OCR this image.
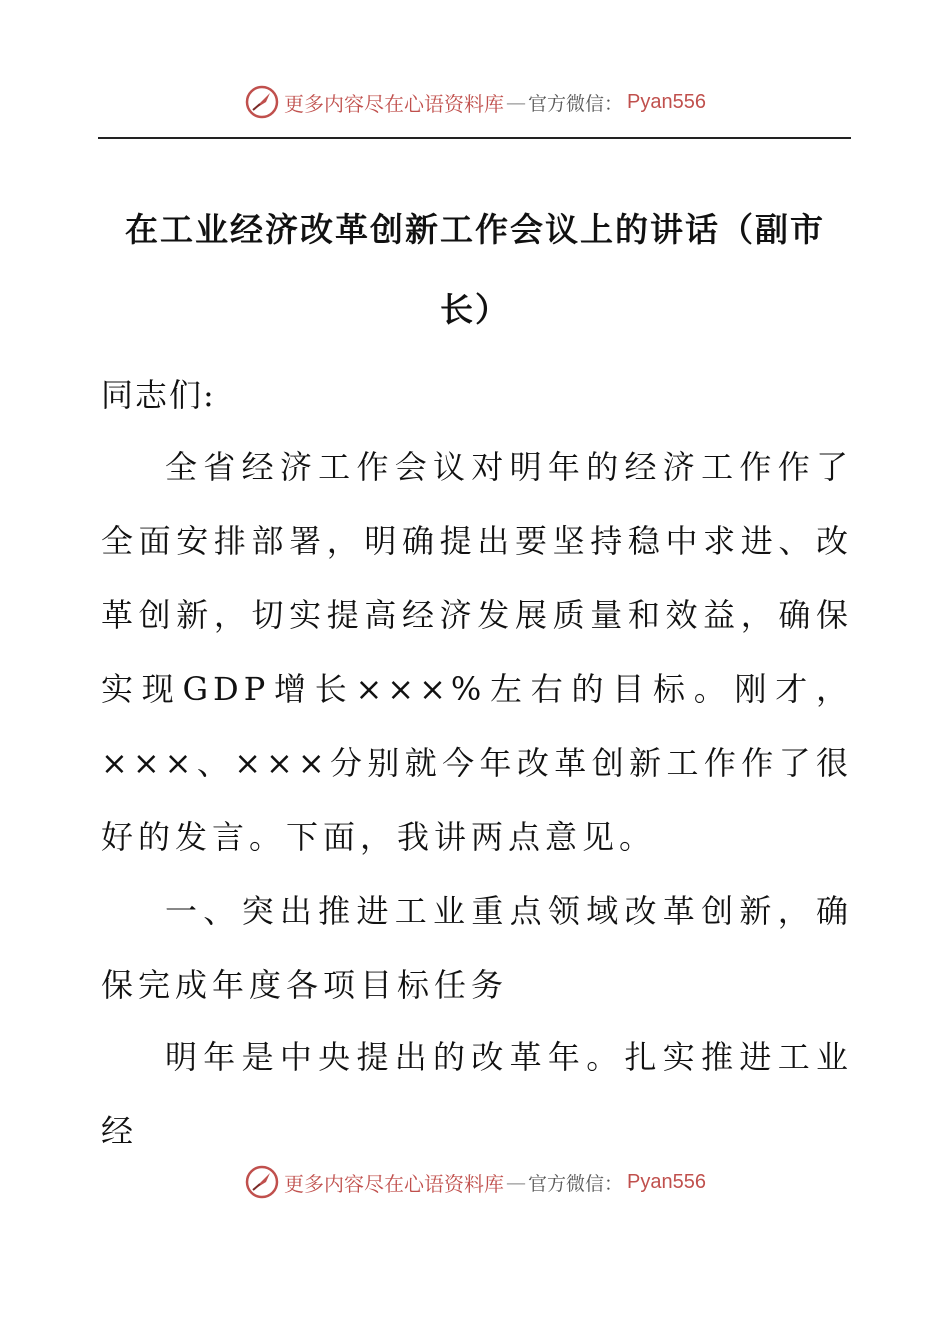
更多内容尽在心语资料库 — 官方微信： Pyan556
在工业经济改革创新工作会议上的讲话（副市长）
同志们:

全省经济工作会议对明年的经济工作作了全面安排部署，明确提出要坚持稳中求进、改革创新，切实提高经济发展质量和效益，确保实现GDP增长×××%左右的目标。刚才，×××、×××分别就今年改革创新工作作了很好的发言。下面，我讲两点意见。

一、突出推进工业重点领域改革创新，确保完成年度各项目标任务

明年是中央提出的改革年。扎实推进工业经

更多内容尽在心语资料库 — 官方微信： Pyan556
